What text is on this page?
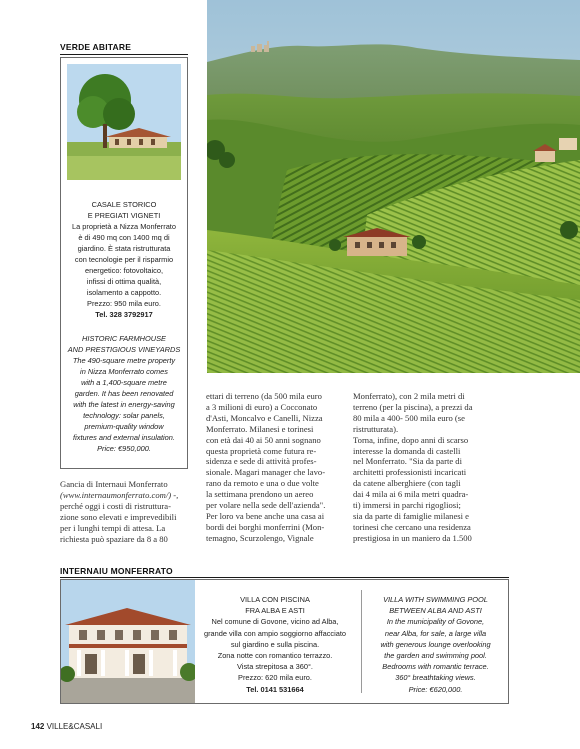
VERDE ABITARE
CASALE STORICO
E PREGIATI VIGNETI
La proprietà a Nizza Monferrato
è di 490 mq con 1400 mq di
giardino. È stata ristrutturata
con tecnologie per il risparmio
energetico: fotovoltaico,
infissi di ottima qualità,
isolamento a cappotto.
Prezzo: 950 mila euro.
Tel. 328 3792917
HISTORIC FARMHOUSE
AND PRESTIGIOUS VINEYARDS
The 490-square metre property
in Nizza Monferrato comes
with a 1,400-square metre
garden. It has been renovated
with the latest in energy-saving
technology: solar panels,
premium-quality window
fixtures and external insulation.
Price: €950,000.
Gancia di Internaui Monferrato
(www.internaumonferrato.com/) -,
perché oggi i costi di ristruttura-
zione sono elevati e imprevedibili
per i lunghi tempi di attesa. La
richiesta può spaziare da 8 a 80
ettari di terreno (da 500 mila euro
a 3 milioni di euro) a Cocconato
d'Asti, Moncalvo e Canelli, Nizza
Monferrato. Milanesi e torinesi
con età dai 40 ai 50 anni sognano
questa proprietà come futura re-
sidenza e sede di attività profes-
sionale. Magari manager che lavo-
rano da remoto e una o due volte
la settimana prendono un aereo
per volare nella sede dell'azienda".
Per loro va bene anche una casa ai
bordi dei borghi monferrini (Mon-
temagno, Scurzolengo, Vignale
Monferrato), con 2 mila metri di
terreno (per la piscina), a prezzi da
80 mila a 400- 500 mila euro (se
ristrutturata).
Torna, infine, dopo anni di scarso
interesse la domanda di castelli
nel Monferrato. "Sia da parte di
architetti professionisti incaricati
da catene alberghiere (con tagli
dai 4 mila ai 6 mila metri quadra-
ti) immersi in parchi rigogliosi;
sia da parte di famiglie milanesi e
torinesi che cercano una residenza
prestigiosa in un maniero da 1.500
INTERNAIU MONFERRATO
VILLA CON PISCINA
FRA ALBA E ASTI
Nel comune di Govone, vicino ad Alba,
grande villa con ampio soggiorno affacciato
sul giardino e sulla piscina.
Zona notte con romantico terrazzo.
Vista strepitosa a 360°.
Prezzo: 620 mila euro.
Tel. 0141 531664
VILLA WITH SWIMMING POOL
BETWEEN ALBA AND ASTI
In the municipality of Govone,
near Alba, for sale, a large villa
with generous lounge overlooking
the garden and swimming pool.
Bedrooms with romantic terrace.
360° breathtaking views.
Price: €620,000.
142 VILLE&CASALI
